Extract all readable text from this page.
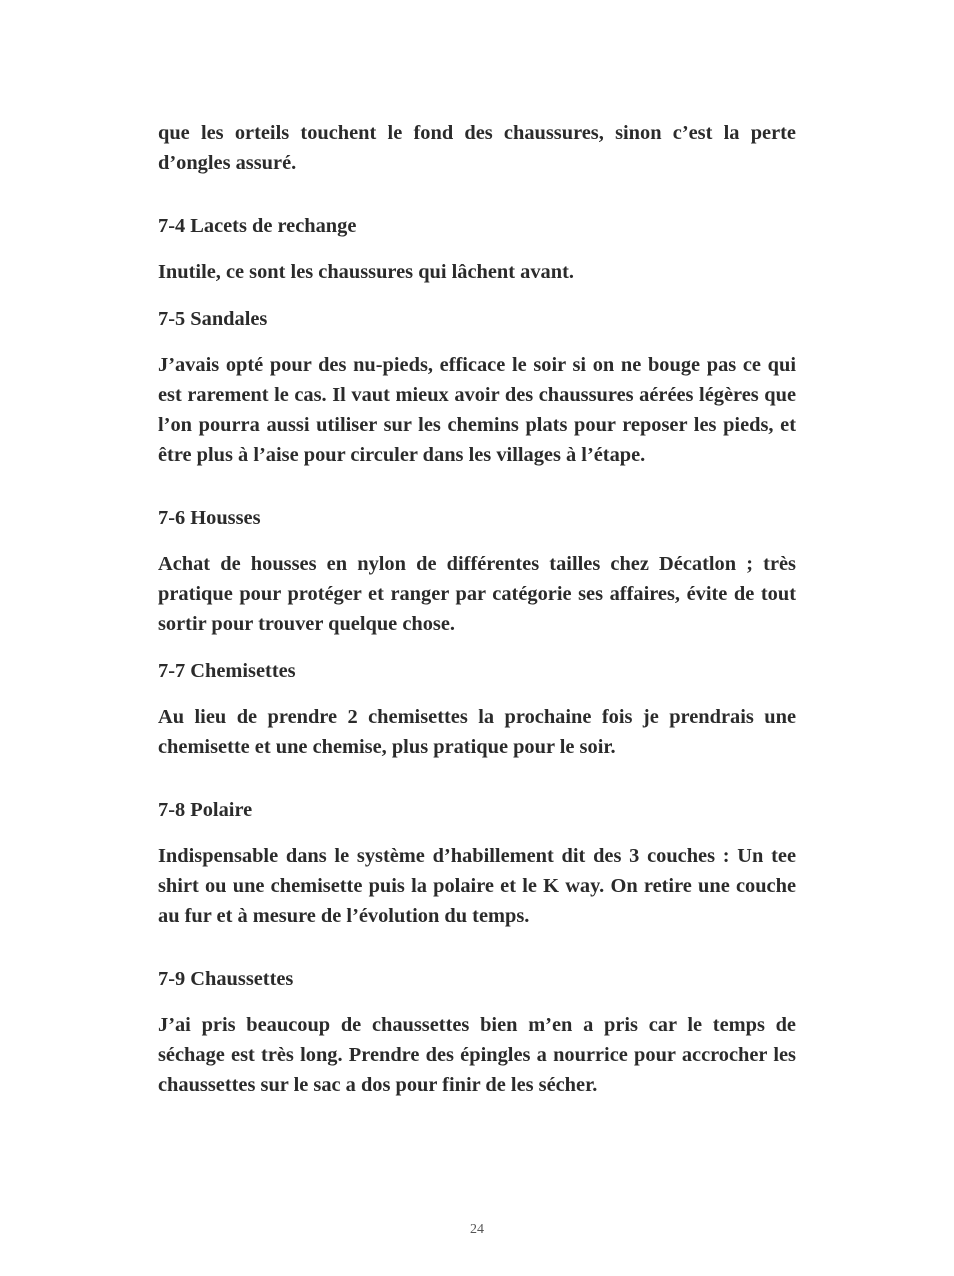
que les orteils touchent le fond des chaussures, sinon c’est la perte d’ongles assuré.

7-4 Lacets de rechange

Inutile, ce sont les chaussures qui lâchent avant.

7-5 Sandales

J’avais opté pour des nu-pieds, efficace le soir si on ne bouge pas ce qui est rarement le cas. Il vaut mieux avoir des chaussures aérées légères que l’on pourra aussi utiliser sur les chemins plats pour reposer les pieds, et être plus à l’aise pour circuler dans les villages à l’étape.

7-6 Housses

Achat de housses en nylon de différentes tailles chez Décatlon ; très pratique pour protéger et ranger par catégorie ses affaires, évite de tout sortir pour trouver quelque chose.

7-7 Chemisettes

Au lieu de prendre 2 chemisettes la prochaine fois je prendrais une chemisette et une chemise, plus pratique pour le soir.

7-8 Polaire

Indispensable dans le système d’habillement dit des 3 couches : Un tee shirt ou une chemisette puis la polaire et le K way. On retire une couche au fur et à mesure de l’évolution du temps.

7-9 Chaussettes

J’ai pris beaucoup de chaussettes bien m’en a pris car le temps de séchage est très long. Prendre des épingles a nourrice pour accrocher les chaussettes sur le sac a dos pour finir de les sécher.

24
